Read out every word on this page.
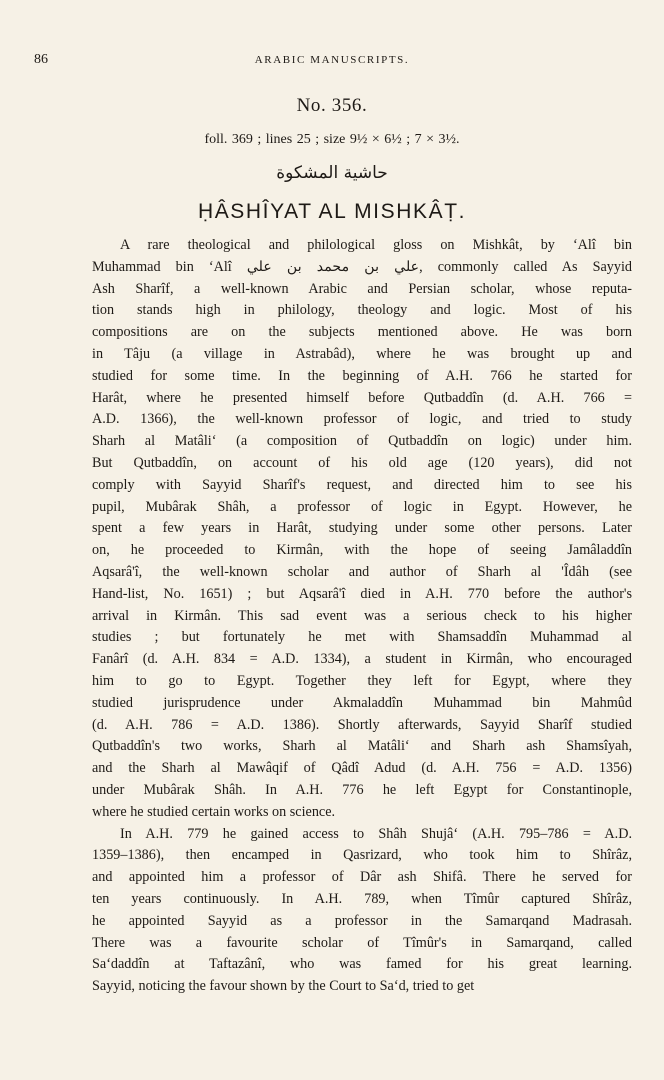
86	ARABIC MANUSCRIPTS.
No. 356.
foll. 369 ; lines 25 ; size 9½ × 6½ ; 7 × 3½.
حاشية المشكوة
ḤÂSHÎYAT AL MISHKÂṬ.
A rare theological and philological gloss on Mishkât, by ‘Alî bin
Muhammad bin ‘Alî علي بن محمد بن علي, commonly called As Sayyid
Ash Sharîf, a well-known Arabic and Persian scholar, whose reputa-
tion stands high in philology, theology and logic. Most of his
compositions are on the subjects mentioned above. He was born
in Tâju (a village in Astrabâd), where he was brought up and
studied for some time. In the beginning of A.H. 766 he started for
Harât, where he presented himself before Qutbaddîn (d. A.H. 766 =
A.D. 1366), the well-known professor of logic, and tried to study
Sharh al Matâli‘ (a composition of Qutbaddîn on logic) under him.
But Qutbaddîn, on account of his old age (120 years), did not
comply with Sayyid Sharîf's request, and directed him to see his
pupil, Mubârak Shâh, a professor of logic in Egypt. However, he
spent a few years in Harât, studying under some other persons. Later
on, he proceeded to Kirmân, with the hope of seeing Jamâladdîn
Aqsarâ'î, the well-known scholar and author of Sharh al 'Îdâh (see
Hand-list, No. 1651) ; but Aqsarâ'î died in A.H. 770 before the author's
arrival in Kirmân. This sad event was a serious check to his higher
studies ; but fortunately he met with Shamsaddîn Muhammad al
Fanârî (d. A.H. 834 = A.D. 1334), a student in Kirmân, who encouraged
him to go to Egypt. Together they left for Egypt, where they
studied jurisprudence under Akmaladdîn Muhammad bin Mahmûd
(d. A.H. 786 = A.D. 1386). Shortly afterwards, Sayyid Sharîf studied
Qutbaddîn's two works, Sharh al Matâli‘ and Sharh ash Shamsîyah,
and the Sharh al Mawâqif of Qâdî Adud (d. A.H. 756 = A.D. 1356)
under Mubârak Shâh. In A.H. 776 he left Egypt for Constantinople,
where he studied certain works on science.
In A.H. 779 he gained access to Shâh Shujâ‘ (A.H. 795–786 = A.D.
1359–1386), then encamped in Qasrizard, who took him to Shîrâz,
and appointed him a professor of Dâr ash Shifâ. There he served for
ten years continuously. In A.H. 789, when Tîmûr captured Shîrâz,
he appointed Sayyid as a professor in the Samarqand Madrasah.
There was a favourite scholar of Tîmûr's in Samarqand, called
Sa‘daddîn at Taftazânî, who was famed for his great learning.
Sayyid, noticing the favour shown by the Court to Sa‘d, tried to get
